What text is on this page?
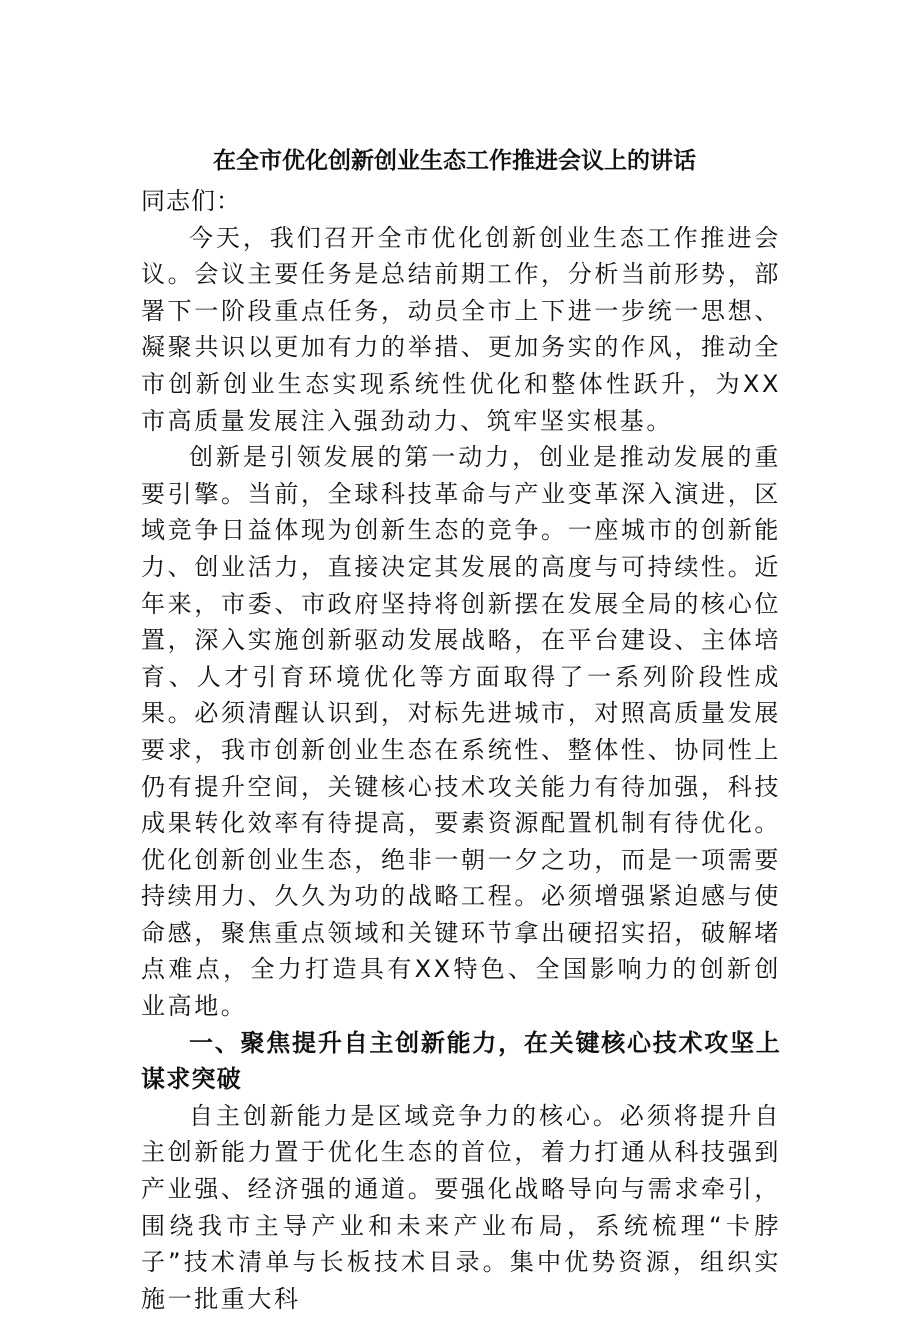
在全市优化创新创业生态工作推进会议上的讲话

同志们：

今天，我们召开全市优化创新创业生态工作推进会议。会议主要任务是总结前期工作，分析当前形势，部署下一阶段重点任务，动员全市上下进一步统一思想、凝聚共识以更加有力的举措、更加务实的作风，推动全市创新创业生态实现系统性优化和整体性跃升，为XX市高质量发展注入强劲动力、筑牢坚实根基。

创新是引领发展的第一动力，创业是推动发展的重要引擎。当前，全球科技革命与产业变革深入演进，区域竞争日益体现为创新生态的竞争。一座城市的创新能力、创业活力，直接决定其发展的高度与可持续性。近年来，市委、市政府坚持将创新摆在发展全局的核心位置，深入实施创新驱动发展战略，在平台建设、主体培育、人才引育环境优化等方面取得了一系列阶段性成果。必须清醒认识到，对标先进城市，对照高质量发展要求，我市创新创业生态在系统性、整体性、协同性上仍有提升空间，关键核心技术攻关能力有待加强，科技成果转化效率有待提高，要素资源配置机制有待优化。优化创新创业生态，绝非一朝一夕之功，而是一项需要持续用力、久久为功的战略工程。必须增强紧迫感与使命感，聚焦重点领域和关键环节拿出硬招实招，破解堵点难点，全力打造具有XX特色、全国影响力的创新创业高地。

一、聚焦提升自主创新能力，在关键核心技术攻坚上谋求突破

自主创新能力是区域竞争力的核心。必须将提升自主创新能力置于优化生态的首位，着力打通从科技强到产业强、经济强的通道。要强化战略导向与需求牵引，围绕我市主导产业和未来产业布局，系统梳理“卡脖子”技术清单与长板技术目录。集中优势资源，组织实施一批重大科
